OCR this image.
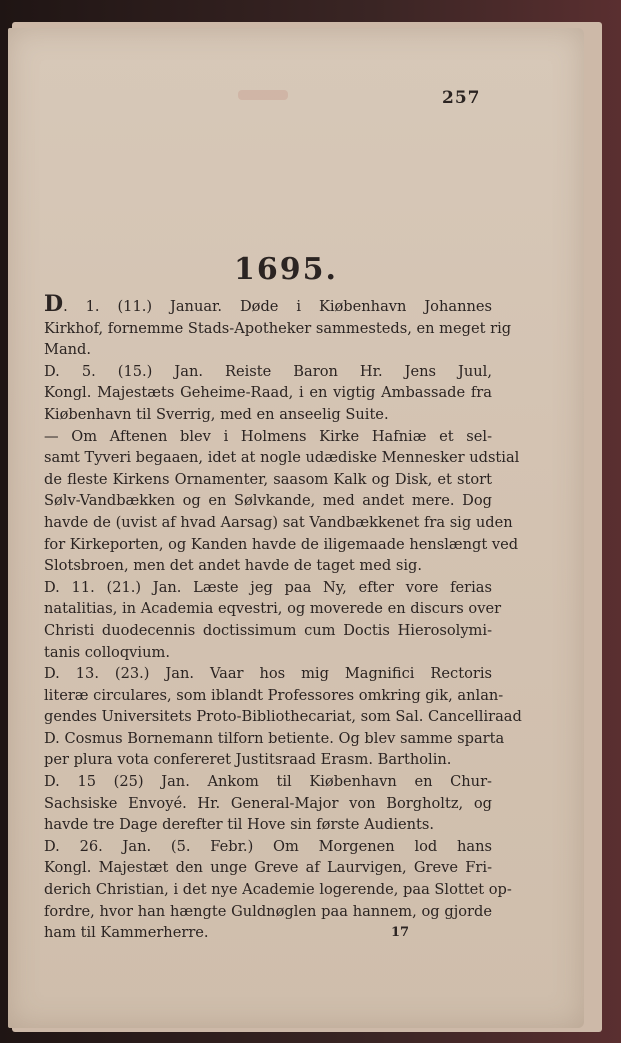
257
1695.
D. 1. (11.) Januar. Døde i Kiøbenhavn Johannes
Kirkhof, fornemme Stads-Apotheker sammesteds, en meget rig
Mand.
D. 5. (15.) Jan. Reiste Baron Hr. Jens Juul,
Kongl. Majestæts Geheime-Raad, i en vigtig Ambassade fra
Kiøbenhavn til Sverrig, med en anseelig Suite.
— Om Aftenen blev i Holmens Kirke Hafniæ et sel-
samt Tyveri begaaen, idet at nogle udædiske Mennesker udstial
de fleste Kirkens Ornamenter, saasom Kalk og Disk, et stort
Sølv-Vandbækken og en Sølvkande, med andet mere. Dog
havde de (uvist af hvad Aarsag) sat Vandbækkenet fra sig uden
for Kirkeporten, og Kanden havde de iligemaade henslængt ved
Slotsbroen, men det andet havde de taget med sig.
D. 11. (21.) Jan. Læste jeg paa Ny, efter vore ferias
natalitias, in Academia eqvestri, og moverede en discurs over
Christi duodecennis doctissimum cum Doctis Hierosolymi-
tanis colloqvium.
D. 13. (23.) Jan. Vaar hos mig Magnifici Rectoris
literæ circulares, som iblandt Professores omkring gik, anlan-
gendes Universitets Proto-Bibliothecariat, som Sal. Cancelliraad
D. Cosmus Bornemann tilforn betiente. Og blev samme sparta
per plura vota confereret Justitsraad Erasm. Bartholin.
D. 15 (25) Jan. Ankom til Kiøbenhavn en Chur-
Sachsiske Envoyé. Hr. General-Major von Borgholtz, og
havde tre Dage derefter til Hove sin første Audients.
D. 26. Jan. (5. Febr.) Om Morgenen lod hans
Kongl. Majestæt den unge Greve af Laurvigen, Greve Fri-
derich Christian, i det nye Academie logerende, paa Slottet op-
fordre, hvor han hængte Guldnøglen paa hannem, og gjorde
ham til Kammerherre.	17
